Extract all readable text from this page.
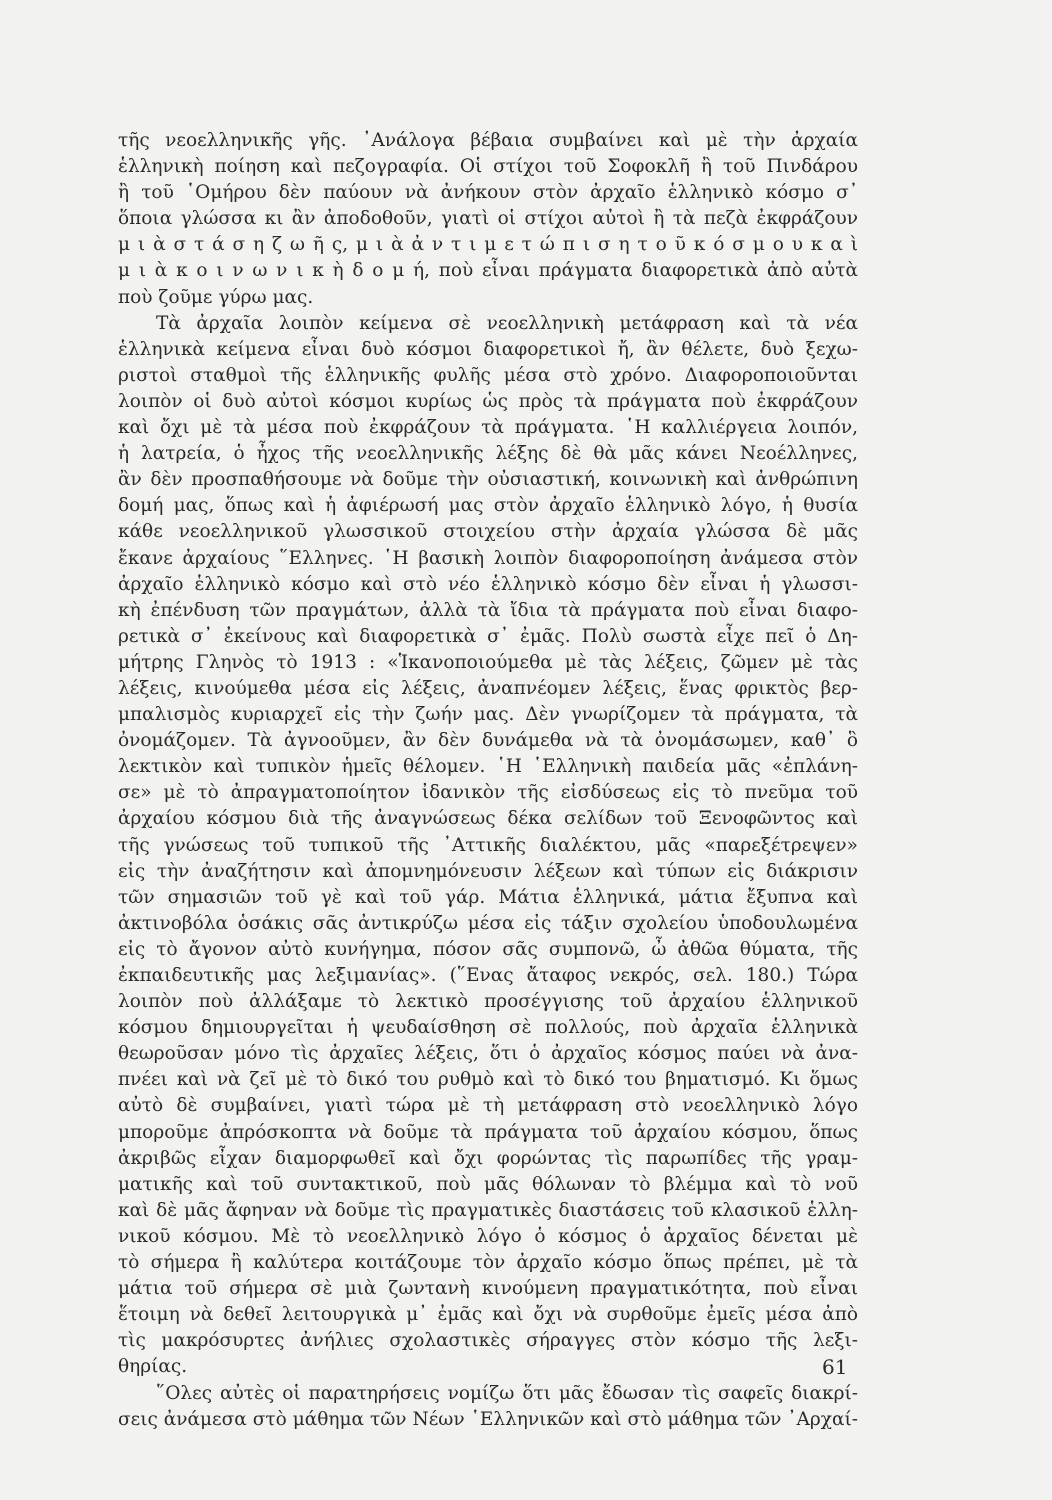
τῆς νεοελληνικῆς γῆς. ᾿Ανάλογα βέβαια συμβαίνει καὶ μὲ τὴν ἀρχαία
ἑλληνικὴ ποίηση καὶ πεζογραφία. Οἱ στίχοι τοῦ Σοφοκλῆ ἢ τοῦ Πινδάρου
ἢ τοῦ ῾Ομήρου δὲν παύουν νὰ ἀνήκουν στὸν ἀρχαῖο ἑλληνικὸ κόσμο σ᾿
ὅποια γλώσσα κι ἂν ἀποδοθοῦν, γιατὶ οἱ στίχοι αὐτοὶ ἢ τὰ πεζὰ ἐκφράζουν
μ ι ὰ σ τ ά σ η ζ ω ῆ ς, μ ι ὰ ἀ ν τ ι μ ε τ ώ π ι σ η τ ο ῦ κ ό σ μ ο υ κ α ὶ
μ ι ὰ κ ο ι ν ω ν ι κ ὴ δ ο μ ή, ποὺ εἶναι πράγματα διαφορετικὰ ἀπὸ αὐτὰ
ποὺ ζοῦμε γύρω μας.
Τὰ ἀρχαῖα λοιπὸν κείμενα σὲ νεοελληνικὴ μετάφραση καὶ τὰ νέα
ἑλληνικὰ κείμενα εἶναι δυὸ κόσμοι διαφορετικοὶ ἤ, ἂν θέλετε, δυὸ ξεχω-
ριστοὶ σταθμοὶ τῆς ἑλληνικῆς φυλῆς μέσα στὸ χρόνο. Διαφοροποιοῦνται
λοιπὸν οἱ δυὸ αὐτοὶ κόσμοι κυρίως ὡς πρὸς τὰ πράγματα ποὺ ἐκφράζουν
καὶ ὄχι μὲ τὰ μέσα ποὺ ἐκφράζουν τὰ πράγματα. ῾Η καλλιέργεια λοιπόν,
ἡ λατρεία, ὁ ἦχος τῆς νεοελληνικῆς λέξης δὲ θὰ μᾶς κάνει Νεοέλληνες,
ἂν δὲν προσπαθήσουμε νὰ δοῦμε τὴν οὐσιαστική, κοινωνικὴ καὶ ἀνθρώπινη
δομή μας, ὅπως καὶ ἡ ἀφιέρωσή μας στὸν ἀρχαῖο ἑλληνικὸ λόγο, ἡ θυσία
κάθε νεοελληνικοῦ γλωσσικοῦ στοιχείου στὴν ἀρχαία γλώσσα δὲ μᾶς
ἔκανε ἀρχαίους ῞Ελληνες. ῾Η βασικὴ λοιπὸν διαφοροποίηση ἀνάμεσα στὸν
ἀρχαῖο ἑλληνικὸ κόσμο καὶ στὸ νέο ἑλληνικὸ κόσμο δὲν εἶναι ἡ γλωσσι-
κὴ ἐπένδυση τῶν πραγμάτων, ἀλλὰ τὰ ἴδια τὰ πράγματα ποὺ εἶναι διαφο-
ρετικὰ σ᾿ ἐκείνους καὶ διαφορετικὰ σ᾿ ἐμᾶς. Πολὺ σωστὰ εἶχε πεῖ ὁ Δη-
μήτρης Γληνὸς τὸ 1913 : «Ἱκανοποιούμεθα μὲ τὰς λέξεις, ζῶμεν μὲ τὰς
λέξεις, κινούμεθα μέσα εἰς λέξεις, ἀναπνέομεν λέξεις, ἕνας φρικτὸς βερ-
μπαλισμὸς κυριαρχεῖ εἰς τὴν ζωήν μας. Δὲν γνωρίζομεν τὰ πράγματα, τὰ
ὀνομάζομεν. Τὰ ἀγνοοῦμεν, ἂν δὲν δυνάμεθα νὰ τὰ ὀνομάσωμεν, καθ᾿ ὃ
λεκτικὸν καὶ τυπικὸν ἡμεῖς θέλομεν. ῾Η ῾Ελληνικὴ παιδεία μᾶς «ἐπλάνη-
σε» μὲ τὸ ἀπραγματοποίητον ἰδανικὸν τῆς εἰσδύσεως εἰς τὸ πνεῦμα τοῦ
ἀρχαίου κόσμου διὰ τῆς ἀναγνώσεως δέκα σελίδων τοῦ Ξενοφῶντος καὶ
τῆς γνώσεως τοῦ τυπικοῦ τῆς ᾿Αττικῆς διαλέκτου, μᾶς «παρεξέτρεψεν»
εἰς τὴν ἀναζήτησιν καὶ ἀπομνημόνευσιν λέξεων καὶ τύπων εἰς διάκρισιν
τῶν σημασιῶν τοῦ γὲ καὶ τοῦ γάρ. Μάτια ἑλληνικά, μάτια ἔξυπνα καὶ
ἀκτινοβόλα ὁσάκις σᾶς ἀντικρύζω μέσα εἰς τάξιν σχολείου ὑποδουλωμένα
εἰς τὸ ἄγονον αὐτὸ κυνήγημα, πόσον σᾶς συμπονῶ, ὦ ἀθῶα θύματα, τῆς
ἐκπαιδευτικῆς μας λεξιμανίας». (῞Ενας ἄταφος νεκρός, σελ. 180.) Τώρα
λοιπὸν ποὺ ἀλλάξαμε τὸ λεκτικὸ προσέγγισης τοῦ ἀρχαίου ἑλληνικοῦ
κόσμου δημιουργεῖται ἡ ψευδαίσθηση σὲ πολλούς, ποὺ ἀρχαῖα ἑλληνικὰ
θεωροῦσαν μόνο τὶς ἀρχαῖες λέξεις, ὅτι ὁ ἀρχαῖος κόσμος παύει νὰ ἀνα-
πνέει καὶ νὰ ζεῖ μὲ τὸ δικό του ρυθμὸ καὶ τὸ δικό του βηματισμό. Κι ὅμως
αὐτὸ δὲ συμβαίνει, γιατὶ τώρα μὲ τὴ μετάφραση στὸ νεοελληνικὸ λόγο
μποροῦμε ἀπρόσκοπτα νὰ δοῦμε τὰ πράγματα τοῦ ἀρχαίου κόσμου, ὅπως
ἀκριβῶς εἶχαν διαμορφωθεῖ καὶ ὄχι φορώντας τὶς παρωπίδες τῆς γραμ-
ματικῆς καὶ τοῦ συντακτικοῦ, ποὺ μᾶς θόλωναν τὸ βλέμμα καὶ τὸ νοῦ
καὶ δὲ μᾶς ἄφηναν νὰ δοῦμε τὶς πραγματικὲς διαστάσεις τοῦ κλασικοῦ ἑλλη-
νικοῦ κόσμου. Μὲ τὸ νεοελληνικὸ λόγο ὁ κόσμος ὁ ἀρχαῖος δένεται μὲ
τὸ σήμερα ἢ καλύτερα κοιτάζουμε τὸν ἀρχαῖο κόσμο ὅπως πρέπει, μὲ τὰ
μάτια τοῦ σήμερα σὲ μιὰ ζωντανὴ κινούμενη πραγματικότητα, ποὺ εἶναι
ἕτοιμη νὰ δεθεῖ λειτουργικὰ μ᾿ ἐμᾶς καὶ ὄχι νὰ συρθοῦμε ἐμεῖς μέσα ἀπὸ
τὶς μακρόσυρτες ἀνήλιες σχολαστικὲς σήραγγες στὸν κόσμο τῆς λεξι-
θηρίας.
῞Ολες αὐτὲς οἱ παρατηρήσεις νομίζω ὅτι μᾶς ἔδωσαν τὶς σαφεῖς διακρί-
σεις ἀνάμεσα στὸ μάθημα τῶν Νέων ῾Ελληνικῶν καὶ στὸ μάθημα τῶν ᾿Αρχαί-
61
